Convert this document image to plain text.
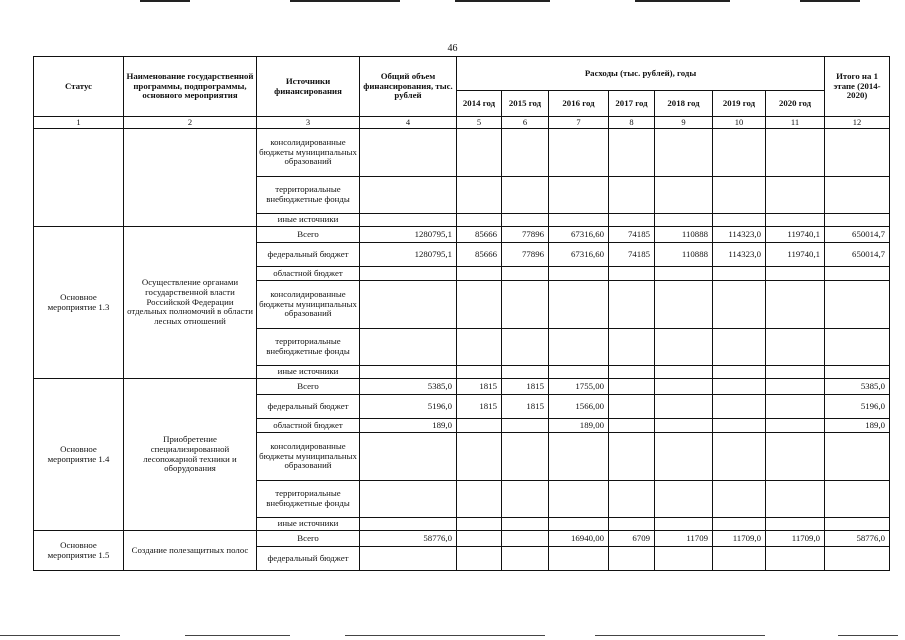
46
Статус	Наименование государственной программы, подпрограммы, основного мероприятия	Источники финансирования	Общий объем финансирования, тыс. рублей	Расходы (тыс. рублей), годы							Итого на 1 этапе (2014-2020)
				2014 год	2015 год	2016 год	2017 год	2018 год	2019 год	2020 год	
1	2	3	4	5	6	7	8	9	10	11	12
		консолидированные бюджеты муниципальных образований									
		территориальные внебюджетные фонды									
		иные источники									
Основное мероприятие 1.3	Осуществление органами государственной власти Российской Федерации отдельных полномочий в области лесных отношений	Всего	1280795,1	85666	77896	67316,60	74185	110888	114323,0	119740,1	650014,7
		федеральный бюджет	1280795,1	85666	77896	67316,60	74185	110888	114323,0	119740,1	650014,7
		областной бюджет									
		консолидированные бюджеты муниципальных образований									
		территориальные внебюджетные фонды									
		иные источники									
Основное мероприятие 1.4	Приобретение специализированной лесопожарной техники и оборудования	Всего	5385,0	1815	1815	1755,00					5385,0
		федеральный бюджет	5196,0	1815	1815	1566,00					5196,0
		областной бюджет	189,0			189,00					189,0
		консолидированные бюджеты муниципальных образований									
		территориальные внебюджетные фонды									
		иные источники									
Основное мероприятие 1.5	Создание полезащитных полос	Всего	58776,0			16940,00	6709	11709	11709,0	11709,0	58776,0
		федеральный бюджет									
